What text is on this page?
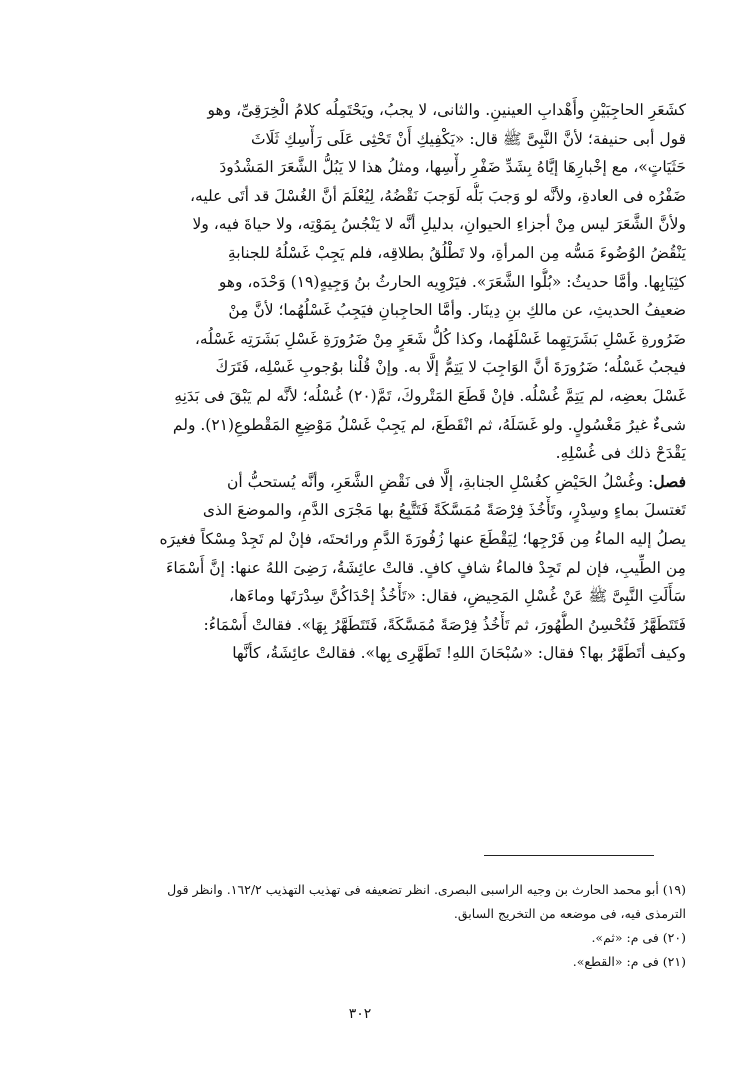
كشَعَرِ الحاجِبَيْنِ وأَهْدابِ العينينِ. والثانى، لا يجبُ، ويَحْتَمِلُه كلامُ الْخِرَقِىِّ، وهو
قول أبى حنيفة؛ لأنَّ النَّبِىَّ ﷺ قال: «يَكْفِيكِ أَنْ تَحْثِى عَلَى رَأْسِكِ ثَلَاثَ
حَثَيَاتٍ»، مع إخْبارِهَا إيَّاهُ بِشَدِّ ضَفْرِ رأْسِها، ومثلُ هذا لا يَبُلُّ الشَّعَرَ المَشْدُودَ
ضَفْرُه فى العادةِ، ولأنَّه لو وَجبَ بَلُّه لَوَجبَ نَقْضُهُ، لِيُعْلَمَ أنَّ الغُسْلَ قد أتَى عليه،
ولأنَّ الشَّعَرَ ليس مِنْ أجزاءِ الحيوانِ، بدليلِ أنَّه لا يَنْجُسُ بِمَوْتِه، ولا حياةَ فيه، ولا
يَنْقُضُ الوُضُوءَ مَسُّه مِن المرأةِ، ولا تَطْلُقُ بطلاقِه، فلم يَجِبْ غَسْلُهُ للجنابةِ
كثِيَابِها. وأمَّا حديثُ: «بُلُّوا الشَّعَرَ». فيَرْوِيه الحارثُ بنُ وَجِيهٍ(١٩) وَحْدَه، وهو
ضعيفُ الحديثِ، عن مالكِ بنِ دِينَار. وأمَّا الحاجِبانِ فيَجِبُ غَسْلُهُما؛ لأنَّ مِنْ
ضَرُورةِ غَسْلِ بَشَرَتِهِما غَسْلَهُما، وكذا كُلُّ شَعَرٍ مِنْ ضَرُورَةِ غَسْلِ بَشَرَتِه غَسْلُه،
فيجبُ غَسْلُه؛ ضَرُورَةَ أنَّ الوَاجِبَ لا يَتِمُّ إلَّا به. وإنْ قُلْنا بوُجوبِ غَسْلِه، فَتَرَكَ
غَسْلَ بعضِه، لم يَتِمَّ غُسْلُه. فإنْ قَطَعَ المَتْروكَ، تَمَّ(٢٠) غُسْلُه؛ لأنَّه لم يَبْقَ فى بَدَنِهِ
شىءٌ غيرُ مَغْسُولٍ. ولو غَسَلَهُ، ثم انْقَطَعَ، لم يَجِبْ غَسْلُ مَوْضِعِ المَقْطوعِ(٢١). ولم
يَقْدَحْ ذلك فى غُسْلِهِ.
فصل: وغُسْلُ الحَيْضِ كغُسْلِ الجنابةِ، إلَّا فى نَقْضِ الشَّعَرِ، وأنَّه يُستحبُّ أن
تَغتسلَ بماءٍ وسِدْرٍ، وتَأْخُذَ فِرْصَةً مُمَسَّكَةً فَتَتَّبِعُ بها مَجْرَى الدَّمِ، والموضعَ الذى
يصلُ إليه الماءُ مِن فَرْجِها؛ لِيَقْطَعَ عنها زُفُورَةَ الدَّمِ ورائحتَه، فإنْ لم تَجِدْ مِسْكاً فغيرَه
مِن الطِّيبِ، فإن لم تَجِدْ فالماءُ شافٍ كافٍ. قالتْ عائِشَةُ، رَضِىَ اللهُ عنها: إنَّ أَسْمَاءَ
سَأَلَتِ النَّبِىَّ ﷺ عَنْ غُسْلِ المَحِيضِ، فقال: «تَأْخُذُ إحْدَاكُنَّ سِدْرَتَها وماءَها،
فَتَتَطَهَّرُ فَتُحْسِنُ الطُّهُورَ، ثم تَأْخُذُ فِرْصَةً مُمَسَّكَةً، فَتَتَطَهَّرُ بِهَا». فقالتْ أَسْمَاءُ:
وكيف أتَطَهَّرُ بها؟ فقال: «سُبْحَانَ اللهِ! تَطَهَّرِى بِها». فقالتْ عائِشَةُ، كأنَّها
(١٩) أبو محمد الحارث بن وجيه الراسبى البصرى. انظر تضعيفه فى تهذيب التهذيب ١٦٢/٢. وانظر قول
الترمذى فيه، فى موضعه من التخريج السابق.
(٢٠) فى م: «ثم».
(٢١) فى م: «القطع».
٣٠٢
